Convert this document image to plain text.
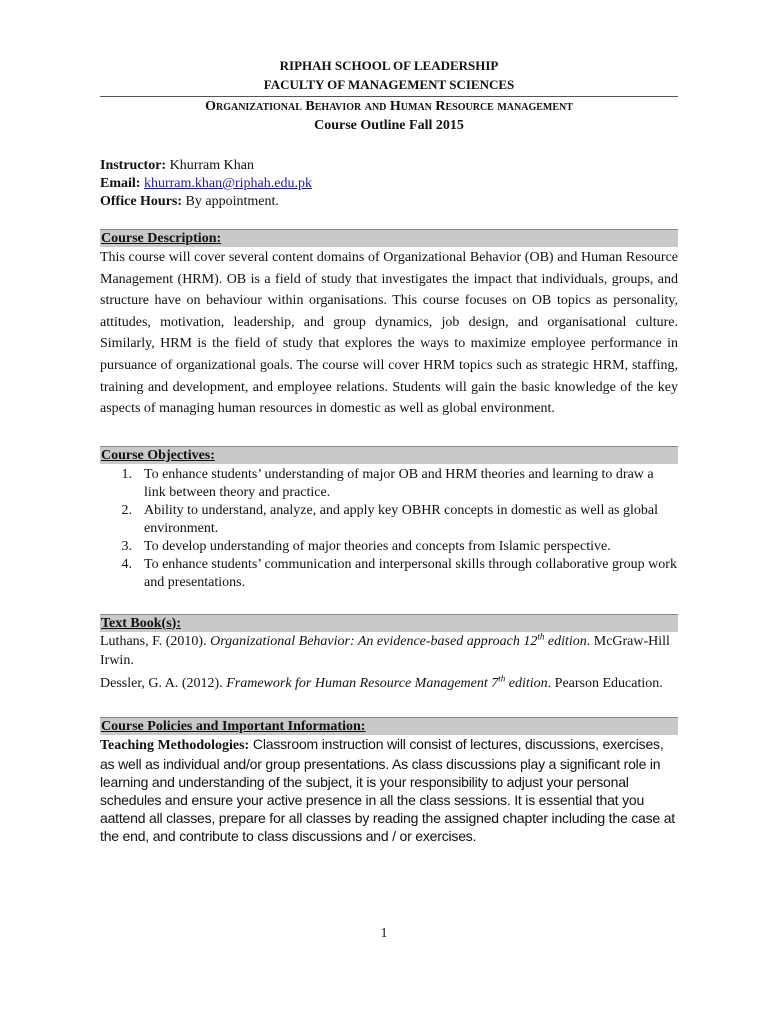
RIPHAH SCHOOL OF LEADERSHIP
FACULTY OF MANAGEMENT SCIENCES
Organizational Behavior and Human Resource management
Course Outline Fall 2015
Instructor: Khurram Khan
Email: khurram.khan@riphah.edu.pk
Office Hours: By appointment.
Course Description:
This course will cover several content domains of Organizational Behavior (OB) and Human Resource Management (HRM). OB is a field of study that investigates the impact that individuals, groups, and structure have on behaviour within organisations. This course focuses on OB topics as personality, attitudes, motivation, leadership, and group dynamics, job design, and organisational culture. Similarly, HRM is the field of study that explores the ways to maximize employee performance in pursuance of organizational goals. The course will cover HRM topics such as strategic HRM, staffing, training and development, and employee relations. Students will gain the basic knowledge of the key aspects of managing human resources in domestic as well as global environment.
Course Objectives:
1. To enhance students’ understanding of major OB and HRM theories and learning to draw a link between theory and practice.
2. Ability to understand, analyze, and apply key OBHR concepts in domestic as well as global environment.
3. To develop understanding of major theories and concepts from Islamic perspective.
4. To enhance students’ communication and interpersonal skills through collaborative group work and presentations.
Text Book(s):
Luthans, F. (2010). Organizational Behavior: An evidence-based approach 12th edition. McGraw-Hill Irwin.
Dessler, G. A. (2012). Framework for Human Resource Management 7th edition. Pearson Education.
Course Policies and Important Information:
Teaching Methodologies: Classroom instruction will consist of lectures, discussions, exercises, as well as individual and/or group presentations. As class discussions play a significant role in learning and understanding of the subject, it is your responsibility to adjust your personal schedules and ensure your active presence in all the class sessions. It is essential that you aattend all classes, prepare for all classes by reading the assigned chapter including the case at the end, and contribute to class discussions and / or exercises.
1
